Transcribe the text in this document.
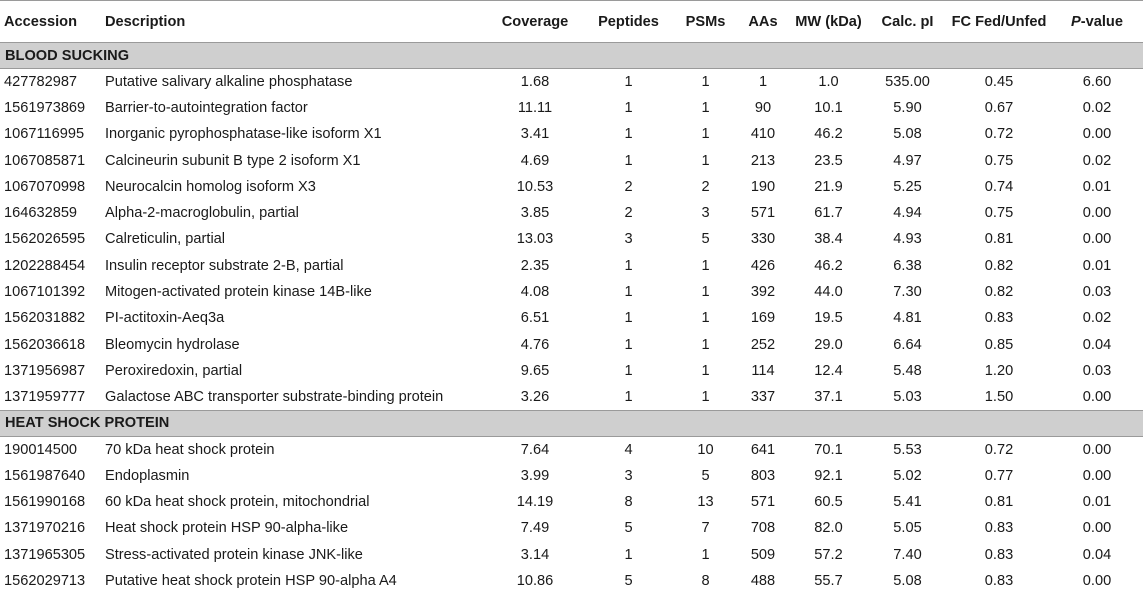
Accession	Description	Coverage	Peptides	PSMs	AAs	MW (kDa)	Calc. pI	FC Fed/Unfed	P-value
BLOOD SUCKING									
427782987	Putative salivary alkaline phosphatase	1.68	1	1	1	1.0	535.00	0.45	6.60
1561973869	Barrier-to-autointegration factor	11.11	1	1	90	10.1	5.90	0.67	0.02
1067116995	Inorganic pyrophosphatase-like isoform X1	3.41	1	1	410	46.2	5.08	0.72	0.00
1067085871	Calcineurin subunit B type 2 isoform X1	4.69	1	1	213	23.5	4.97	0.75	0.02
1067070998	Neurocalcin homolog isoform X3	10.53	2	2	190	21.9	5.25	0.74	0.01
164632859	Alpha-2-macroglobulin, partial	3.85	2	3	571	61.7	4.94	0.75	0.00
1562026595	Calreticulin, partial	13.03	3	5	330	38.4	4.93	0.81	0.00
1202288454	Insulin receptor substrate 2-B, partial	2.35	1	1	426	46.2	6.38	0.82	0.01
1067101392	Mitogen-activated protein kinase 14B-like	4.08	1	1	392	44.0	7.30	0.82	0.03
1562031882	PI-actitoxin-Aeq3a	6.51	1	1	169	19.5	4.81	0.83	0.02
1562036618	Bleomycin hydrolase	4.76	1	1	252	29.0	6.64	0.85	0.04
1371956987	Peroxiredoxin, partial	9.65	1	1	114	12.4	5.48	1.20	0.03
1371959777	Galactose ABC transporter substrate-binding protein	3.26	1	1	337	37.1	5.03	1.50	0.00
HEAT SHOCK PROTEIN									
190014500	70 kDa heat shock protein	7.64	4	10	641	70.1	5.53	0.72	0.00
1561987640	Endoplasmin	3.99	3	5	803	92.1	5.02	0.77	0.00
1561990168	60 kDa heat shock protein, mitochondrial	14.19	8	13	571	60.5	5.41	0.81	0.01
1371970216	Heat shock protein HSP 90-alpha-like	7.49	5	7	708	82.0	5.05	0.83	0.00
1371965305	Stress-activated protein kinase JNK-like	3.14	1	1	509	57.2	7.40	0.83	0.04
1562029713	Putative heat shock protein HSP 90-alpha A4	10.86	5	8	488	55.7	5.08	0.83	0.00
